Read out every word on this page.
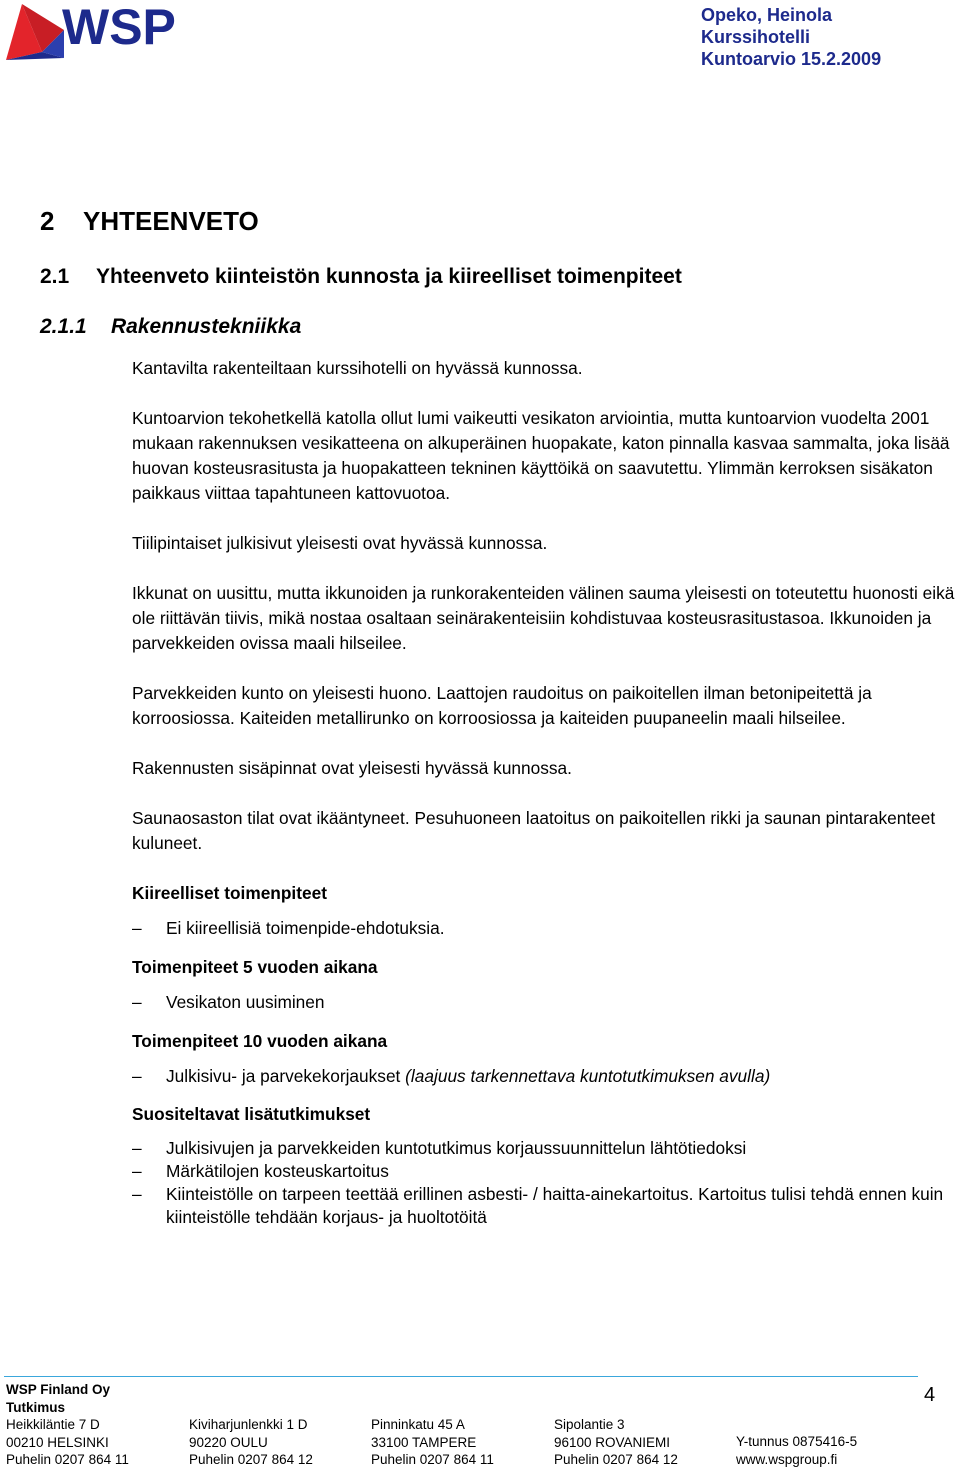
WSP	Opeko, Heinola
Kurssihotelli
Kuntoarvio 15.2.2009
2 YHTEENVETO
2.1 Yhteenveto kiinteistön kunnosta ja kiireelliset toimenpiteet
2.1.1 Rakennustekniikka

Kantavilta rakenteiltaan kurssihotelli on hyvässä kunnossa.

Kuntoarvion tekohetkellä katolla ollut lumi vaikeutti vesikaton arviointia, mutta kuntoarvion vuodelta 2001 mukaan rakennuksen vesikatteena on alkuperäinen huopakate, katon pinnalla kasvaa sammalta, joka lisää huovan kosteusrasitusta ja huopakatteen tekninen käyttöikä on saavutettu. Ylimmän kerroksen sisäkaton paikkaus viittaa tapahtuneen kattovuotoa.

Tiilipintaiset julkisivut yleisesti ovat hyvässä kunnossa.

Ikkunat on uusittu, mutta ikkunoiden ja runkorakenteiden välinen sauma yleisesti on toteutettu huonosti eikä ole riittävän tiivis, mikä nostaa osaltaan seinärakenteisiin kohdistuvaa kosteusrasitustasoa. Ikkunoiden ja parvekkeiden ovissa maali hilseilee.

Parvekkeiden kunto on yleisesti huono. Laattojen raudoitus on paikoitellen ilman betonipeitettä ja korroosiossa. Kaiteiden metallirunko on korroosiossa ja kaiteiden puupaneelin maali hilseilee.

Rakennusten sisäpinnat ovat yleisesti hyvässä kunnossa.

Saunaosaston tilat ovat ikääntyneet. Pesuhuoneen laatoitus on paikoitellen rikki ja saunan pintarakenteet kuluneet.

Kiireelliset toimenpiteet
– Ei kiireellisiä toimenpide-ehdotuksia.
Toimenpiteet 5 vuoden aikana
– Vesikaton uusiminen
Toimenpiteet 10 vuoden aikana
– Julkisivu- ja parvekekorjaukset (laajuus tarkennettava kuntotutkimuksen avulla)
Suositeltavat lisätutkimukset
– Julkisivujen ja parvekkeiden kuntotutkimus korjaussuunnittelun lähtötiedoksi
– Märkätilojen kosteuskartoitus
– Kiinteistölle on tarpeen teettää erillinen asbesti- / haitta-ainekartoitus. Kartoitus tulisi tehdä ennen kuin kiinteistölle tehdään korjaus- ja huoltotöitä
4
WSP Finland Oy
Tutkimus
Heikkiläntie 7 D
00210 HELSINKI
Puhelin 0207 864 11
Kiviharjunlenkki 1 D
90220 OULU
Puhelin 0207 864 12
Pinninkatu 45 A
33100 TAMPERE
Puhelin 0207 864 11
Sipolantie 3
96100 ROVANIEMI
Puhelin 0207 864 12
Y-tunnus 0875416-5
www.wspgroup.fi
